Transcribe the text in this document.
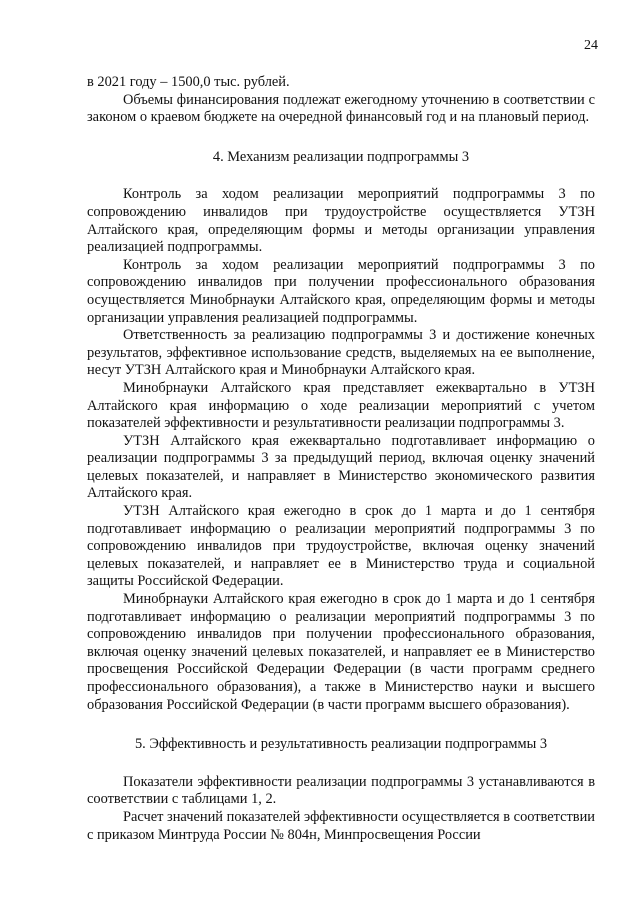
24

в 2021 году – 1500,0 тыс. рублей.

Объемы финансирования подлежат ежегодному уточнению в соответствии с законом о краевом бюджете на очередной финансовый год и на плановый период.

4. Механизм реализации подпрограммы 3

Контроль за ходом реализации мероприятий подпрограммы 3 по сопровождению инвалидов при трудоустройстве осуществляется УТЗН Алтайского края, определяющим формы и методы организации управления реализацией подпрограммы.

Контроль за ходом реализации мероприятий подпрограммы 3 по сопровождению инвалидов при получении профессионального образования осуществляется Минобрнауки Алтайского края, определяющим формы и методы организации управления реализацией подпрограммы.

Ответственность за реализацию подпрограммы 3 и достижение конечных результатов, эффективное использование средств, выделяемых на ее выполнение, несут УТЗН Алтайского края и Минобрнауки Алтайского края.

Минобрнауки Алтайского края представляет ежеквартально в УТЗН Алтайского края информацию о ходе реализации мероприятий с учетом показателей эффективности и результативности реализации подпрограммы 3.

УТЗН Алтайского края ежеквартально подготавливает информацию о реализации подпрограммы 3 за предыдущий период, включая оценку значений целевых показателей, и направляет в Министерство экономического развития Алтайского края.

УТЗН Алтайского края ежегодно в срок до 1 марта и до 1 сентября подготавливает информацию о реализации мероприятий подпрограммы 3 по сопровождению инвалидов при трудоустройстве, включая оценку значений целевых показателей, и направляет ее в Министерство труда и социальной защиты Российской Федерации.

Минобрнауки Алтайского края ежегодно в срок до 1 марта и до 1 сентября подготавливает информацию о реализации мероприятий подпрограммы 3 по сопровождению инвалидов при получении профессионального образования, включая оценку значений целевых показателей, и направляет ее в Министерство просвещения Российской Федерации Федерации (в части программ среднего профессионального образования), а также в Министерство науки и высшего образования Российской Федерации (в части программ высшего образования).

5. Эффективность и результативность реализации подпрограммы 3

Показатели эффективности реализации подпрограммы 3 устанавливаются в соответствии с таблицами 1, 2.

Расчет значений показателей эффективности осуществляется в соответствии с приказом Минтруда России № 804н, Минпросвещения России
